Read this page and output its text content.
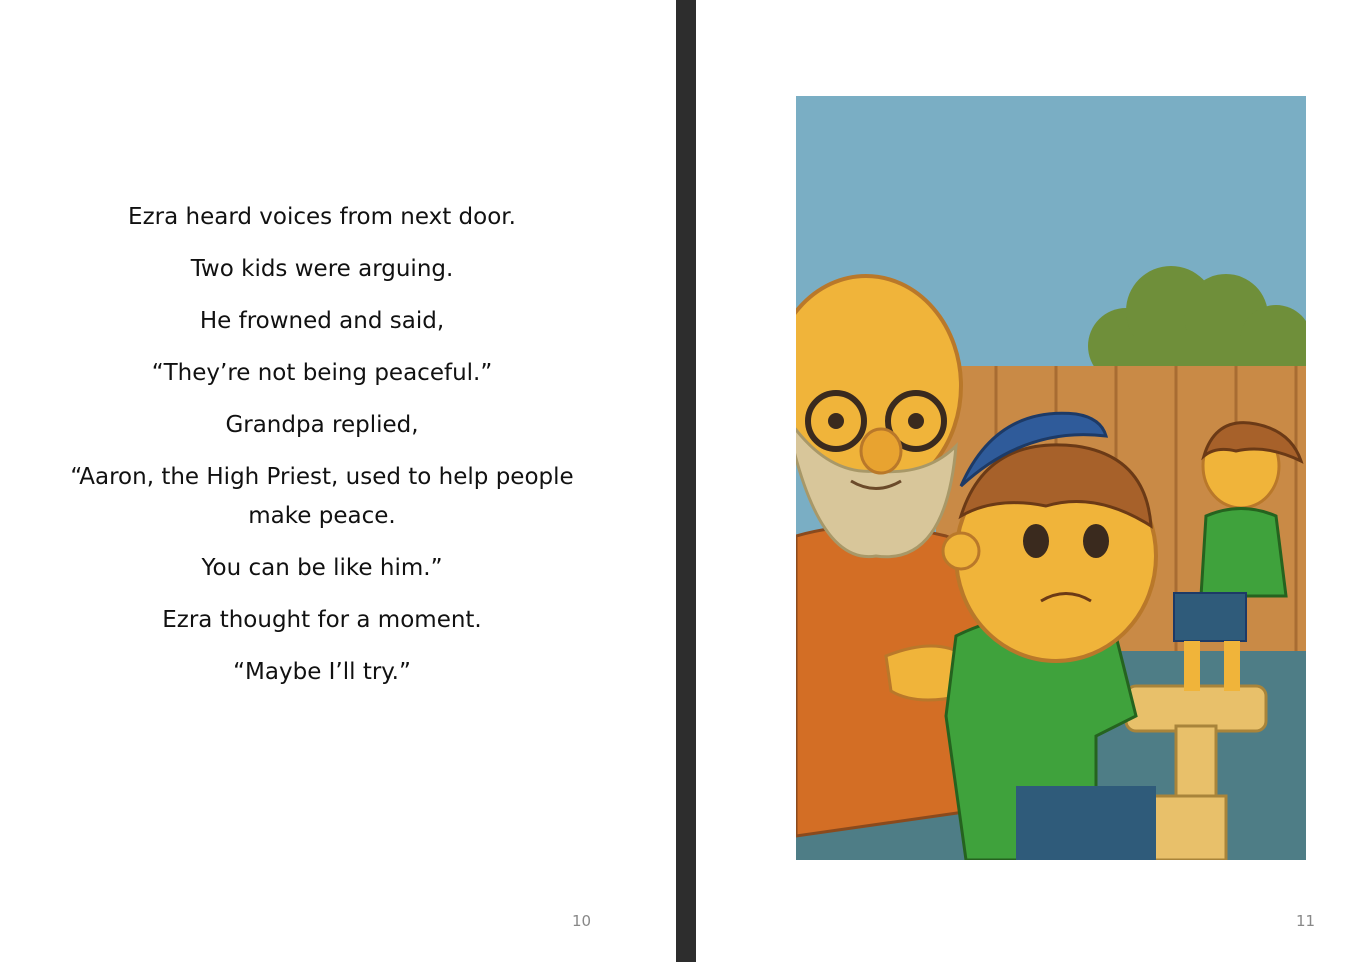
Ezra heard voices from next door.

Two kids were arguing.

He frowned and said,

“They’re not being peaceful.”

Grandpa replied,

“Aaron, the High Priest, used to help people make peace.

You can be like him.”

Ezra thought for a moment.

“Maybe I’ll try.”

10	11
